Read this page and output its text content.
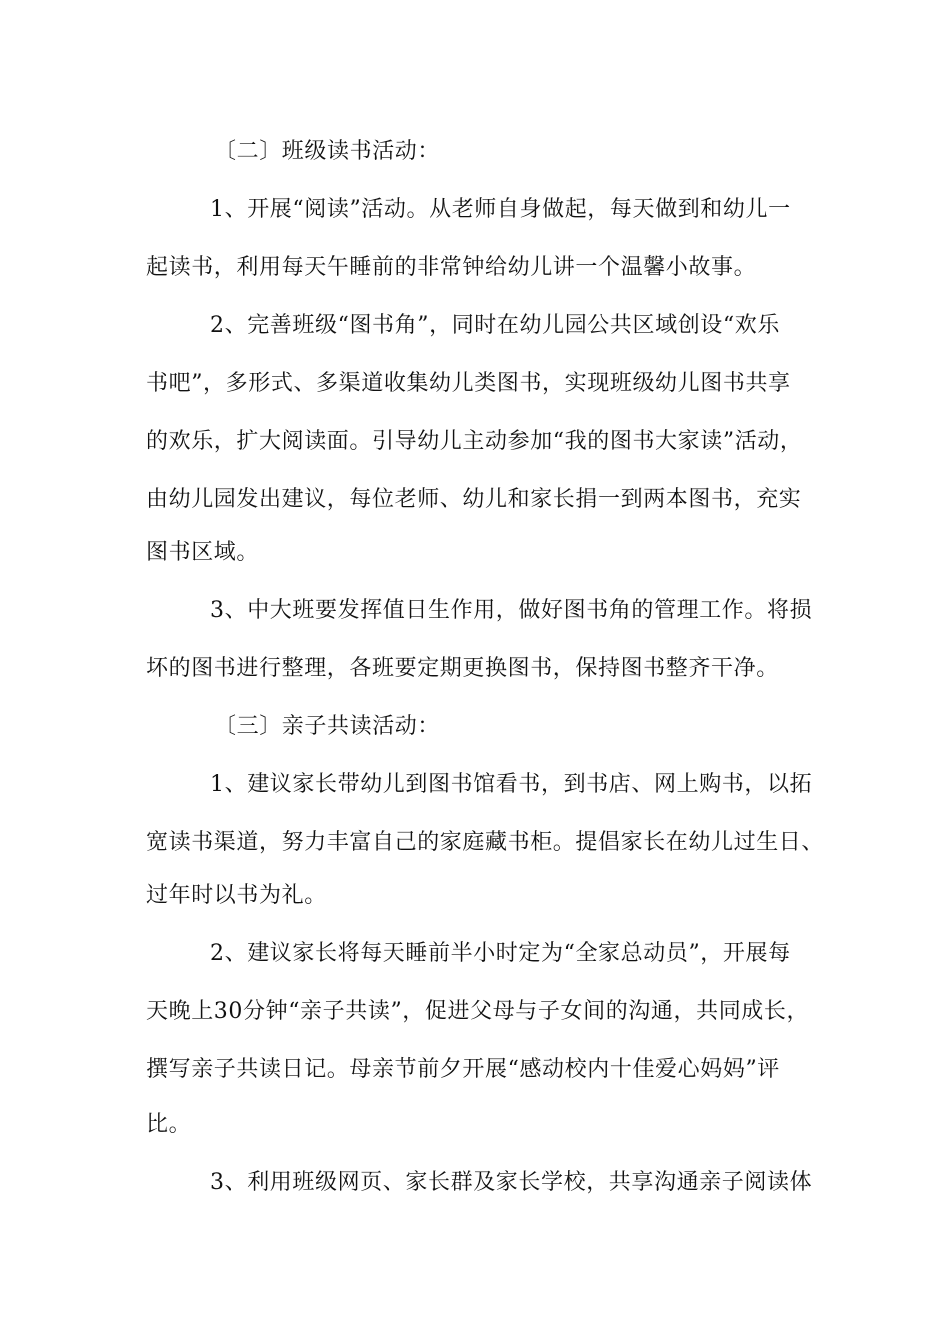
〔二〕班级读书活动：
1、开展“阅读”活动。从老师自身做起，每天做到和幼儿一
起读书，利用每天午睡前的非常钟给幼儿讲一个温馨小故事。
2、完善班级“图书角”，同时在幼儿园公共区域创设“欢乐
书吧”，多形式、多渠道收集幼儿类图书，实现班级幼儿图书共享
的欢乐，扩大阅读面。引导幼儿主动参加“我的图书大家读”活动，
由幼儿园发出建议，每位老师、幼儿和家长捐一到两本图书，充实
图书区域。
3、中大班要发挥值日生作用，做好图书角的管理工作。将损
坏的图书进行整理，各班要定期更换图书，保持图书整齐干净。
〔三〕亲子共读活动：
1、建议家长带幼儿到图书馆看书，到书店、网上购书，以拓
宽读书渠道，努力丰富自己的家庭藏书柜。提倡家长在幼儿过生日、
过年时以书为礼。
2、建议家长将每天睡前半小时定为“全家总动员”，开展每
天晚上30分钟“亲子共读”，促进父母与子女间的沟通，共同成长，
撰写亲子共读日记。母亲节前夕开展“感动校内十佳爱心妈妈”评
比。
3、利用班级网页、家长群及家长学校，共享沟通亲子阅读体
